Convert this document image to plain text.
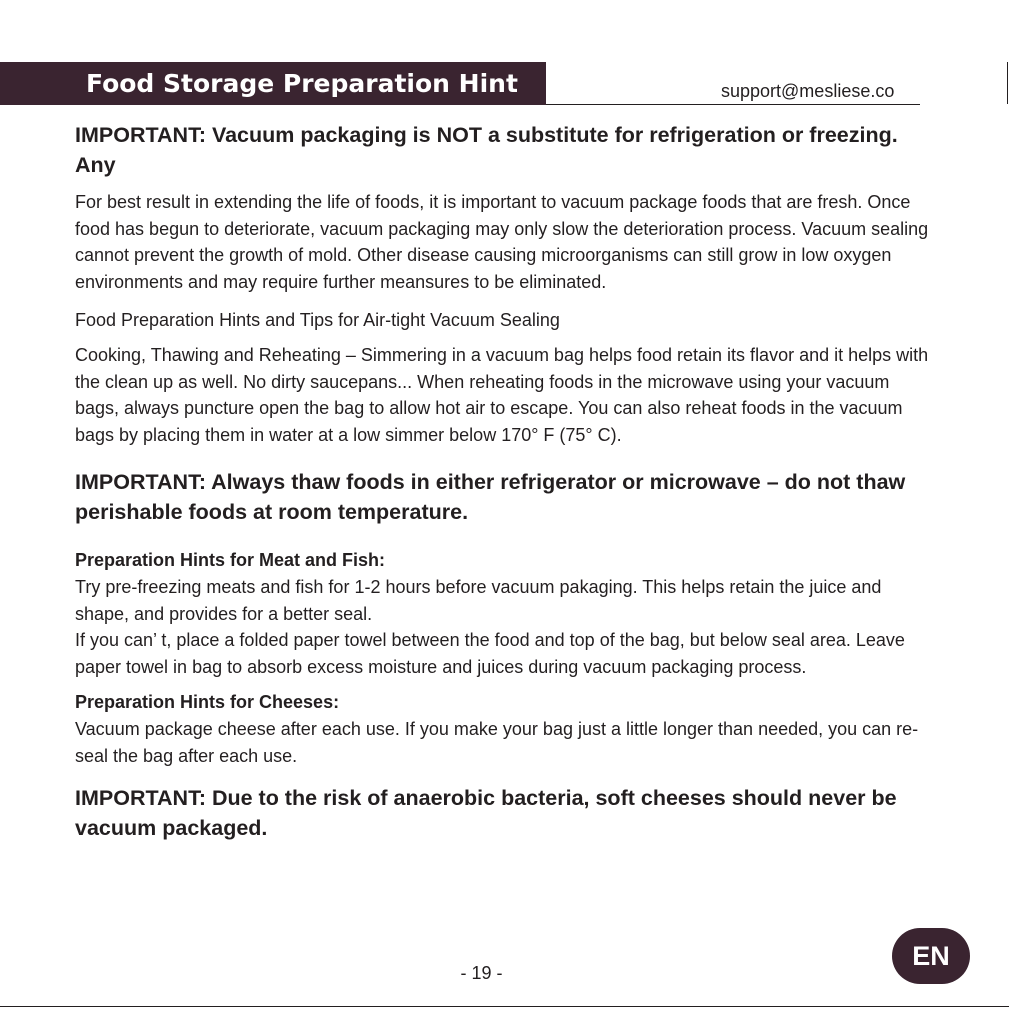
Food Storage Preparation Hint	support@mesliese.co

IMPORTANT: Vacuum packaging is NOT a substitute for refrigeration or freezing. Any

For best result in extending the life of foods, it is important to vacuum package foods that are fresh. Once food has begun to deteriorate, vacuum packaging may only slow the deterioration process. Vacuum sealing cannot prevent the growth of mold. Other disease causing microorganisms can still grow in low oxygen environments and may require further meansures to be eliminated.

Food Preparation Hints and Tips for Air-tight Vacuum Sealing

Cooking, Thawing and Reheating – Simmering in a vacuum bag helps food retain its flavor and it helps with the clean up as well. No dirty saucepans... When reheating foods in the microwave using your vacuum bags, always puncture open the bag to allow hot air to escape. You can also reheat foods in the vacuum bags by placing them in water at a low simmer below 170° F (75° C).

IMPORTANT: Always thaw foods in either refrigerator or microwave – do not thaw perishable foods at room temperature.

Preparation Hints for Meat and Fish:

Try pre-freezing meats and fish for 1-2 hours before vacuum pakaging. This helps retain the juice and shape, and provides for a better seal.

If you can’ t, place a folded paper towel between the food and top of the bag, but below seal area. Leave paper towel in bag to absorb excess moisture and juices during vacuum packaging process.

Preparation Hints for Cheeses:

Vacuum package cheese after each use. If you make your bag just a little longer than needed, you can re-seal the bag after each use.

IMPORTANT: Due to the risk of anaerobic bacteria, soft cheeses should never be vacuum packaged.

- 19 -
EN
